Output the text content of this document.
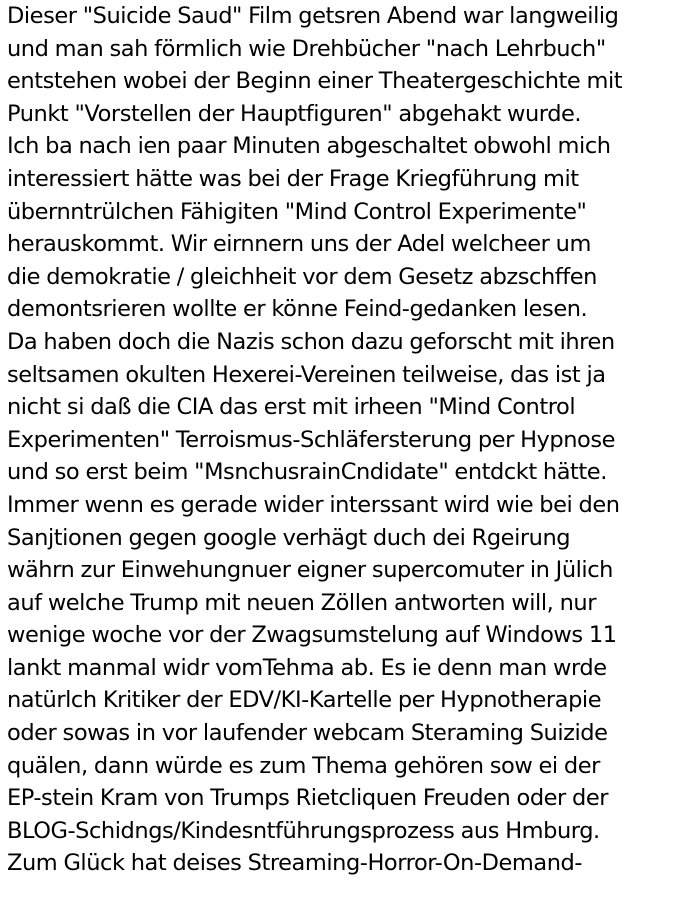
Dieser "Suicide Saud" Film getsren Abend war langweilig
und man sah förmlich wie Drehbücher "nach Lehrbuch"
entstehen wobei der Beginn einer Theatergeschichte mit
Punkt "Vorstellen der Hauptfiguren" abgehakt wurde.
Ich ba nach ien paar Minuten abgeschaltet obwohl mich
interessiert hätte was bei der Frage Kriegführung mit
übernntrülchen Fähigiten "Mind Control Experimente"
herauskommt. Wir eirnnern uns der Adel welcheer um
die demokratie / gleichheit vor dem Gesetz abzschffen
demontsrieren wollte er könne Feind-gedanken lesen.
Da haben doch die Nazis schon dazu geforscht mit ihren
seltsamen okulten Hexerei-Vereinen teilweise, das ist ja
nicht si daß die CIA das erst mit irheen "Mind Control
Experimenten" Terroismus-Schläfersterung per Hypnose
und so erst beim "MsnchusrainCndidate" entdckt hätte.
Immer wenn es gerade wider interssant wird wie bei den
Sanjtionen gegen google verhägt duch dei Rgeirung
währn zur Einwehungnuer eigner supercomuter in Jülich
auf welche Trump mit neuen Zöllen antworten will, nur
wenige woche vor der Zwagsumstelung auf Windows 11
lankt manmal widr vomTehma ab. Es ie denn man wrde
natürlch Kritiker der EDV/KI-Kartelle per Hypnotherapie
oder sowas in vor laufender webcam Steraming Suizide
quälen, dann würde es zum Thema gehören sow ei der
EP-stein Kram von Trumps Rietcliquen Freuden oder der
BLOG-Schidngs/Kindesntführungsprozess aus Hmburg.
Zum Glück hat deises Streaming-Horror-On-Demand-
